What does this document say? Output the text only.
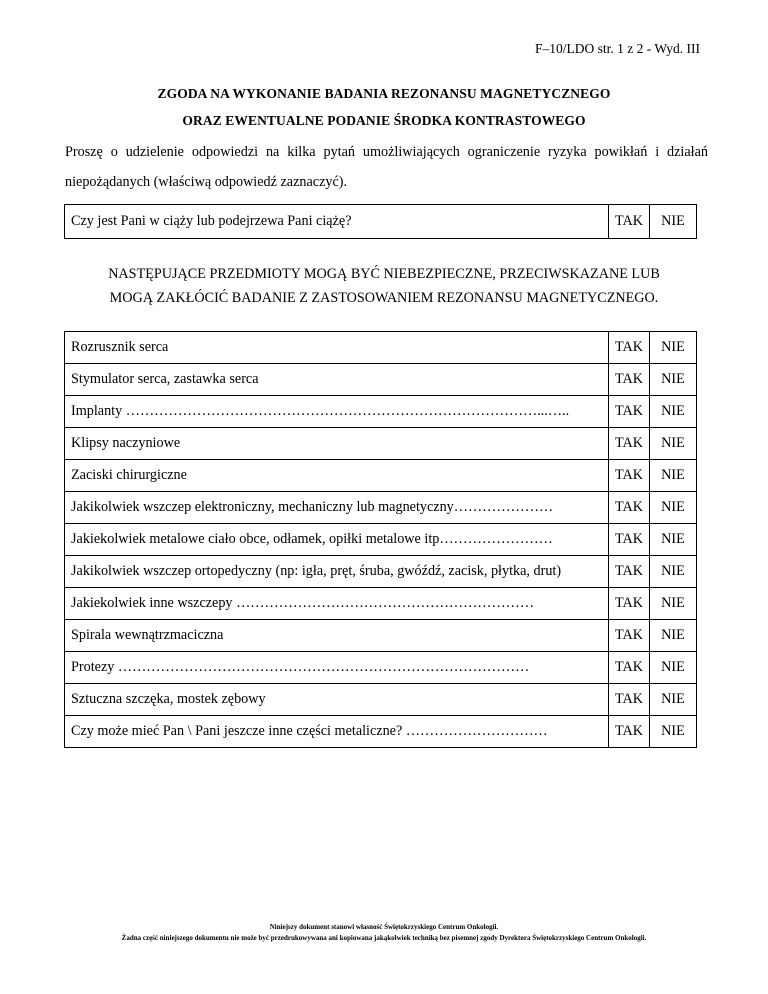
F–10/LDO str. 1 z 2 - Wyd. III
ZGODA NA WYKONANIE BADANIA REZONANSU MAGNETYCZNEGO
ORAZ EWENTUALNE PODANIE ŚRODKA KONTRASTOWEGO
Proszę o udzielenie odpowiedzi na kilka pytań umożliwiających ograniczenie ryzyka powikłań i działań niepożądanych (właściwą odpowiedź zaznaczyć).
Czy jest Pani w ciąży lub podejrzewa Pani ciążę?	TAK	NIE
NASTĘPUJĄCE PRZEDMIOTY MOGĄ BYĆ NIEBEZPIECZNE, PRZECIWSKAZANE LUB
MOGĄ ZAKŁÓCIĆ BADANIE Z ZASTOSOWANIEM REZONANSU MAGNETYCZNEGO.
Rozrusznik serca	TAK	NIE
Stymulator serca, zastawka serca	TAK	NIE
Implanty ……………………………………………………………………………...…..	TAK	NIE
Klipsy naczyniowe	TAK	NIE
Zaciski chirurgiczne	TAK	NIE
Jakikolwiek wszczep elektroniczny, mechaniczny lub magnetyczny…………………	TAK	NIE
Jakiekolwiek metalowe ciało obce, odłamek, opiłki metalowe itp……………………	TAK	NIE
Jakikolwiek wszczep ortopedyczny (np: igła, pręt, śruba, gwóźdź, zacisk, płytka, drut)	TAK	NIE
Jakiekolwiek inne wszczepy ………………………………………………………	TAK	NIE
Spirala wewnątrzmaciczna	TAK	NIE
Protezy ……………………………………………………………………………	TAK	NIE
Sztuczna szczęka, mostek zębowy	TAK	NIE
Czy może mieć Pan \ Pani jeszcze inne części metaliczne? …………………………	TAK	NIE
Niniejszy dokument stanowi własność Świętokrzyskiego Centrum Onkologii.
Żadna część niniejszego dokumentu nie może być przedrukowywana ani kopiowana jakąkolwiek techniką bez pisemnej zgody Dyrektora Świętokrzyskiego Centrum Onkologii.
